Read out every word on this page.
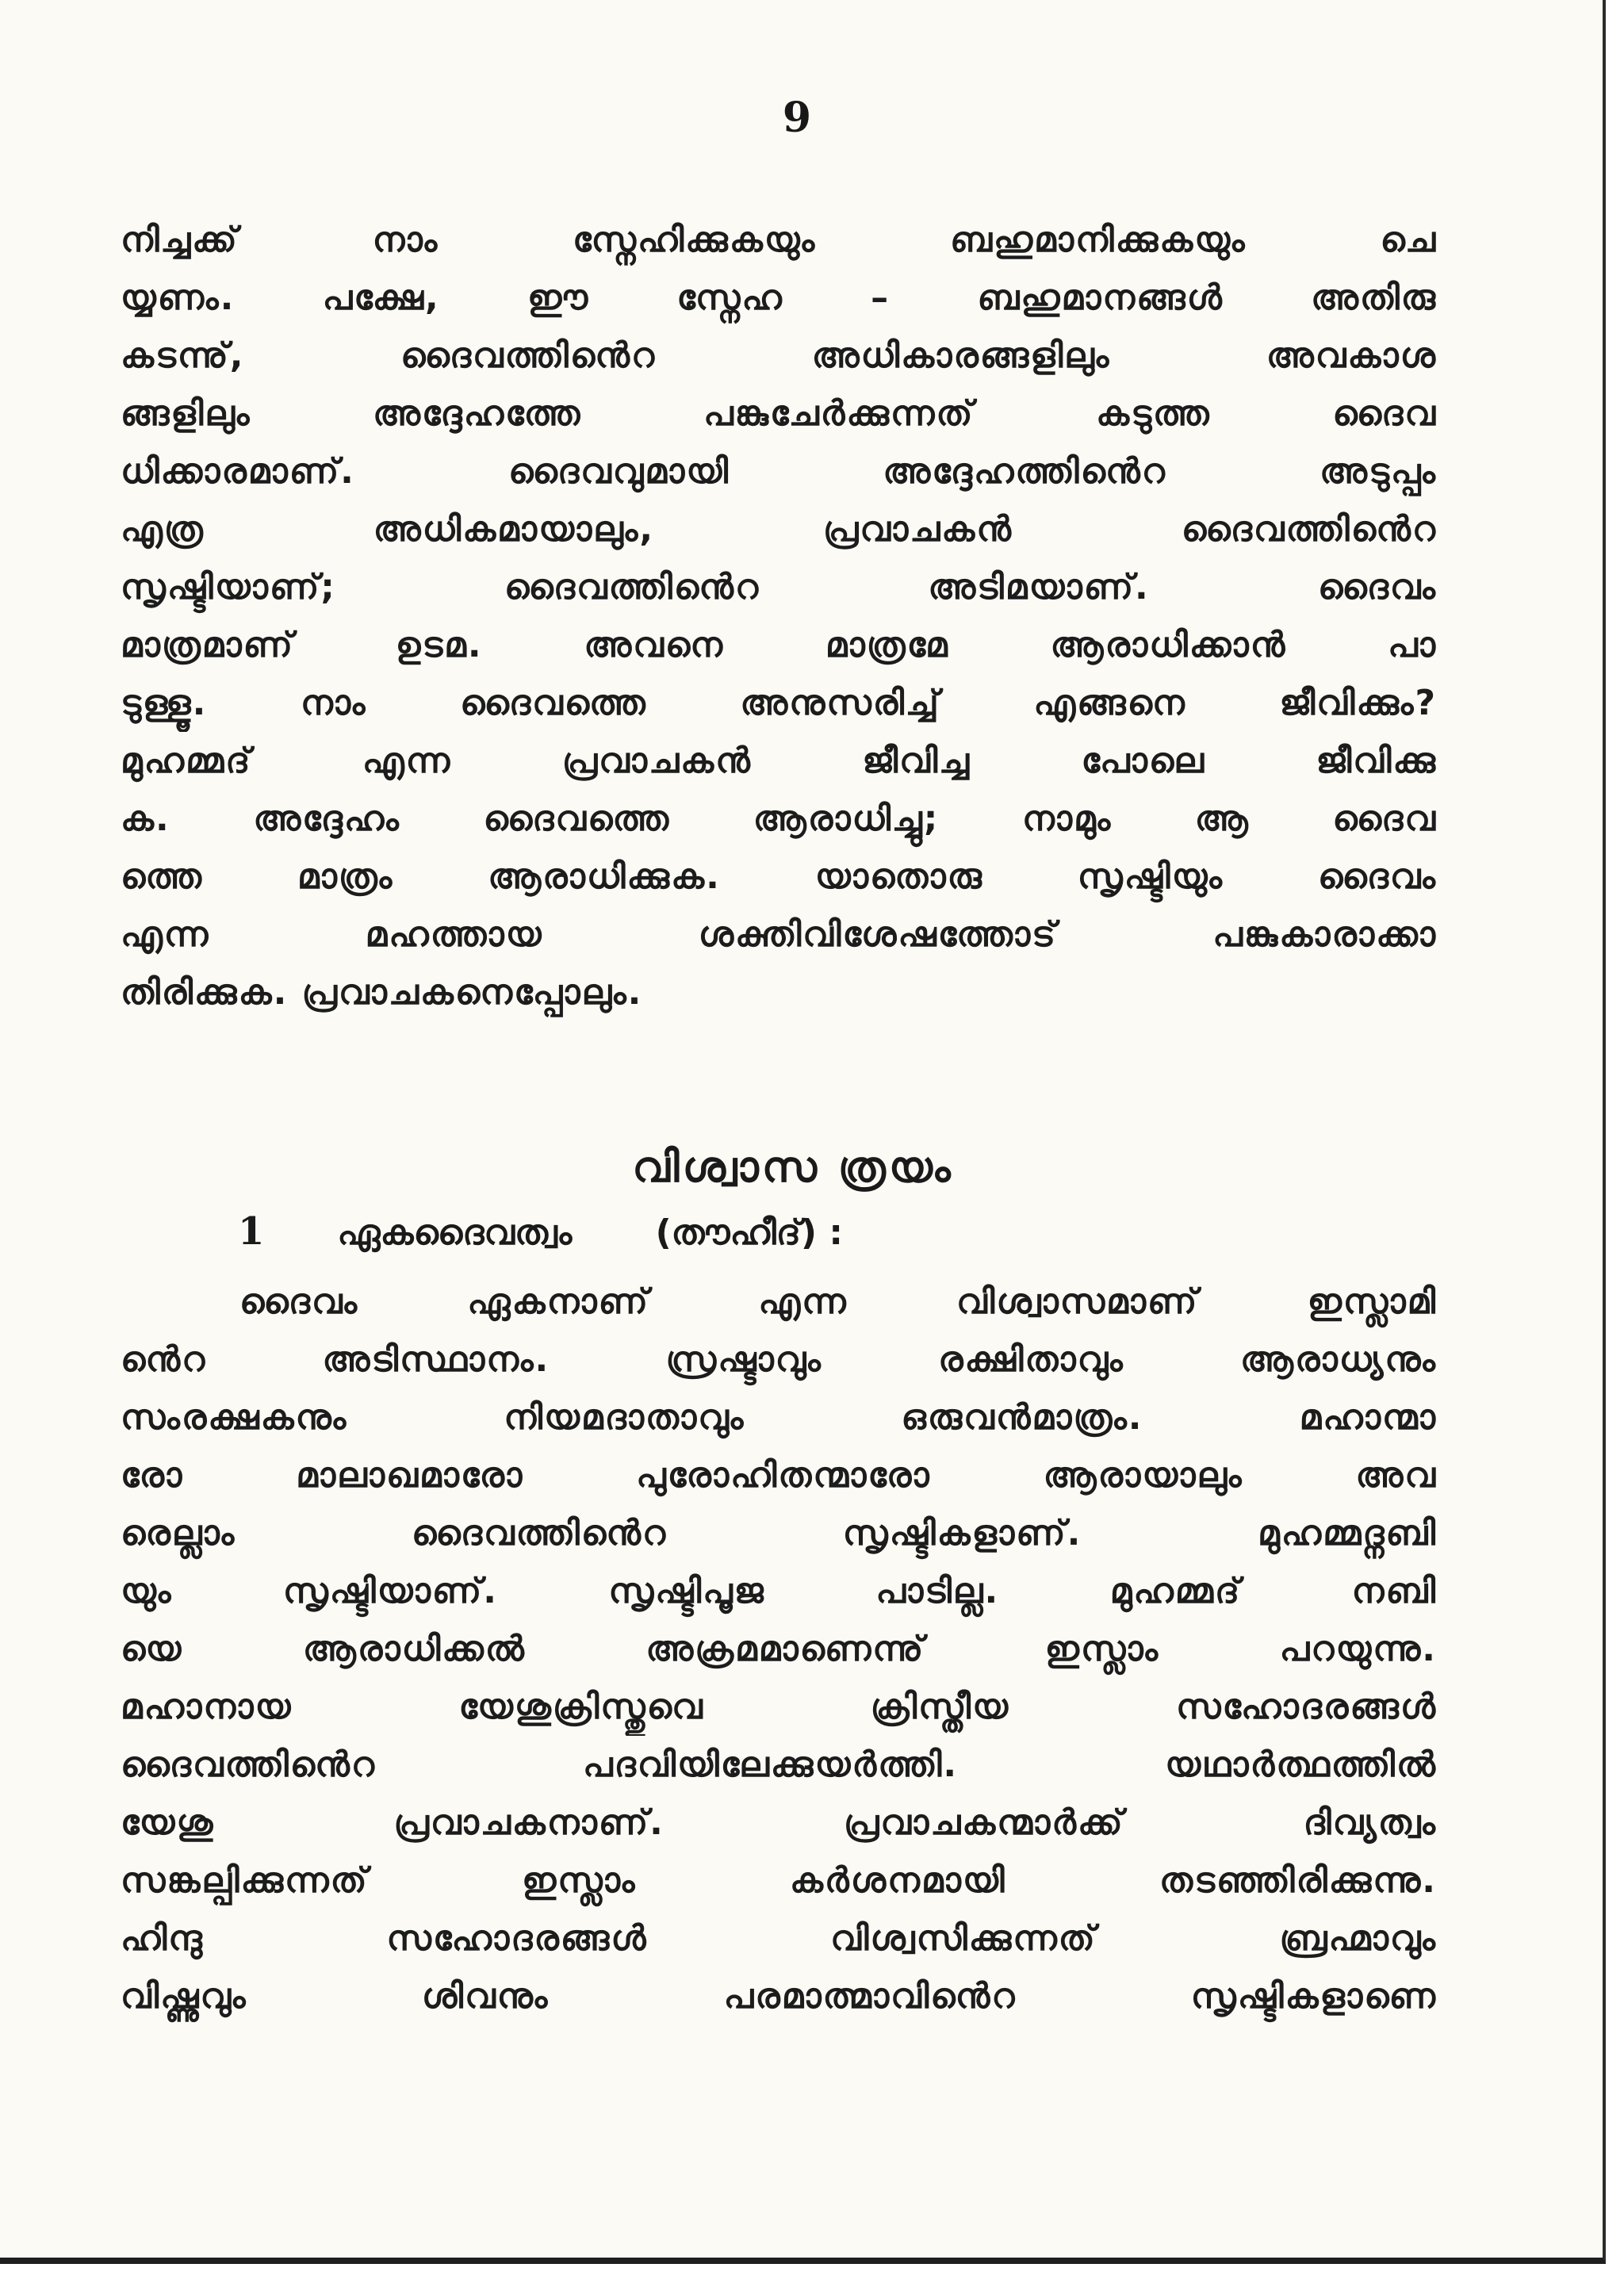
9
നിച്ചക്ക് നാം സ്നേഹിക്കുകയും ബഹുമാനിക്കുകയും ചെ
യ്യണം. പക്ഷേ, ഈ സ്നേഹ – ബഹുമാനങ്ങൾ അതിരു
കടന്നു്, ദൈവത്തിൻെറ അധികാരങ്ങളിലും അവകാശ
ങ്ങളിലും അദ്ദേഹത്തേ പങ്കുചേർക്കുന്നത് കടുത്ത ദൈവ
ധിക്കാരമാണ്. ദൈവവുമായി അദ്ദേഹത്തിൻെറ അടുപ്പം
എത്ര അധികമായാലും, പ്രവാചകൻ ദൈവത്തിൻെറ
സൃഷ്ടിയാണ്; ദൈവത്തിൻെറ അടിമയാണ്. ദൈവം
മാത്രമാണ് ഉടമ. അവനെ മാത്രമേ ആരാധിക്കാൻ പാ
ടുള്ളൂ. നാം ദൈവത്തെ അനുസരിച്ച് എങ്ങനെ ജീവിക്കും?
മുഹമ്മദ് എന്ന പ്രവാചകൻ ജീവിച്ച പോലെ ജീവിക്കു
ക. അദ്ദേഹം ദൈവത്തെ ആരാധിച്ചു; നാമും ആ ദൈവ
ത്തെ മാത്രം ആരാധിക്കുക. യാതൊരു സൃഷ്ടിയും ദൈവം
എന്ന മഹത്തായ ശക്തിവിശേഷത്തോട് പങ്കുകാരാക്കാ
തിരിക്കുക. പ്രവാചകനെപ്പോലും.
വിശ്വാസ ത്രയം
1 ഏകദൈവത്വം (തൗഹീദ്) :
ദൈവം ഏകനാണ് എന്ന വിശ്വാസമാണ് ഇസ്ലാമി
ൻെറ അടിസ്ഥാനം. സ്രഷ്ടാവും രക്ഷിതാവും ആരാധ്യനും
സംരക്ഷകനും നിയമദാതാവും ഒരുവൻമാത്രം. മഹാന്മാ
രോ മാലാഖമാരോ പുരോഹിതന്മാരോ ആരായാലും അവ
രെല്ലാം ദൈവത്തിൻെറ സൃഷ്ടികളാണ്. മുഹമ്മദ്നബി
യും സൃഷ്ടിയാണ്. സൃഷ്ടിപൂജ പാടില്ല. മുഹമ്മദ് നബി
യെ ആരാധിക്കൽ അക്രമമാണെന്നു് ഇസ്ലാം പറയുന്നു.
മഹാനായ യേശുക്രിസ്തുവെ ക്രിസ്തീയ സഹോദരങ്ങൾ
ദൈവത്തിൻെറ പദവിയിലേക്കുയർത്തി. യഥാർത്ഥത്തിൽ
യേശു പ്രവാചകനാണ്. പ്രവാചകന്മാർക്ക് ദിവ്യത്വം
സങ്കല്പിക്കുന്നത് ഇസ്ലാം കർശനമായി തടഞ്ഞിരിക്കുന്നു.
ഹിന്ദു സഹോദരങ്ങൾ വിശ്വസിക്കുന്നത് ബ്രഹ്മാവും
വിഷ്ണുവും ശിവനും പരമാത്മാവിൻെറ സൃഷ്ടികളാണെ
